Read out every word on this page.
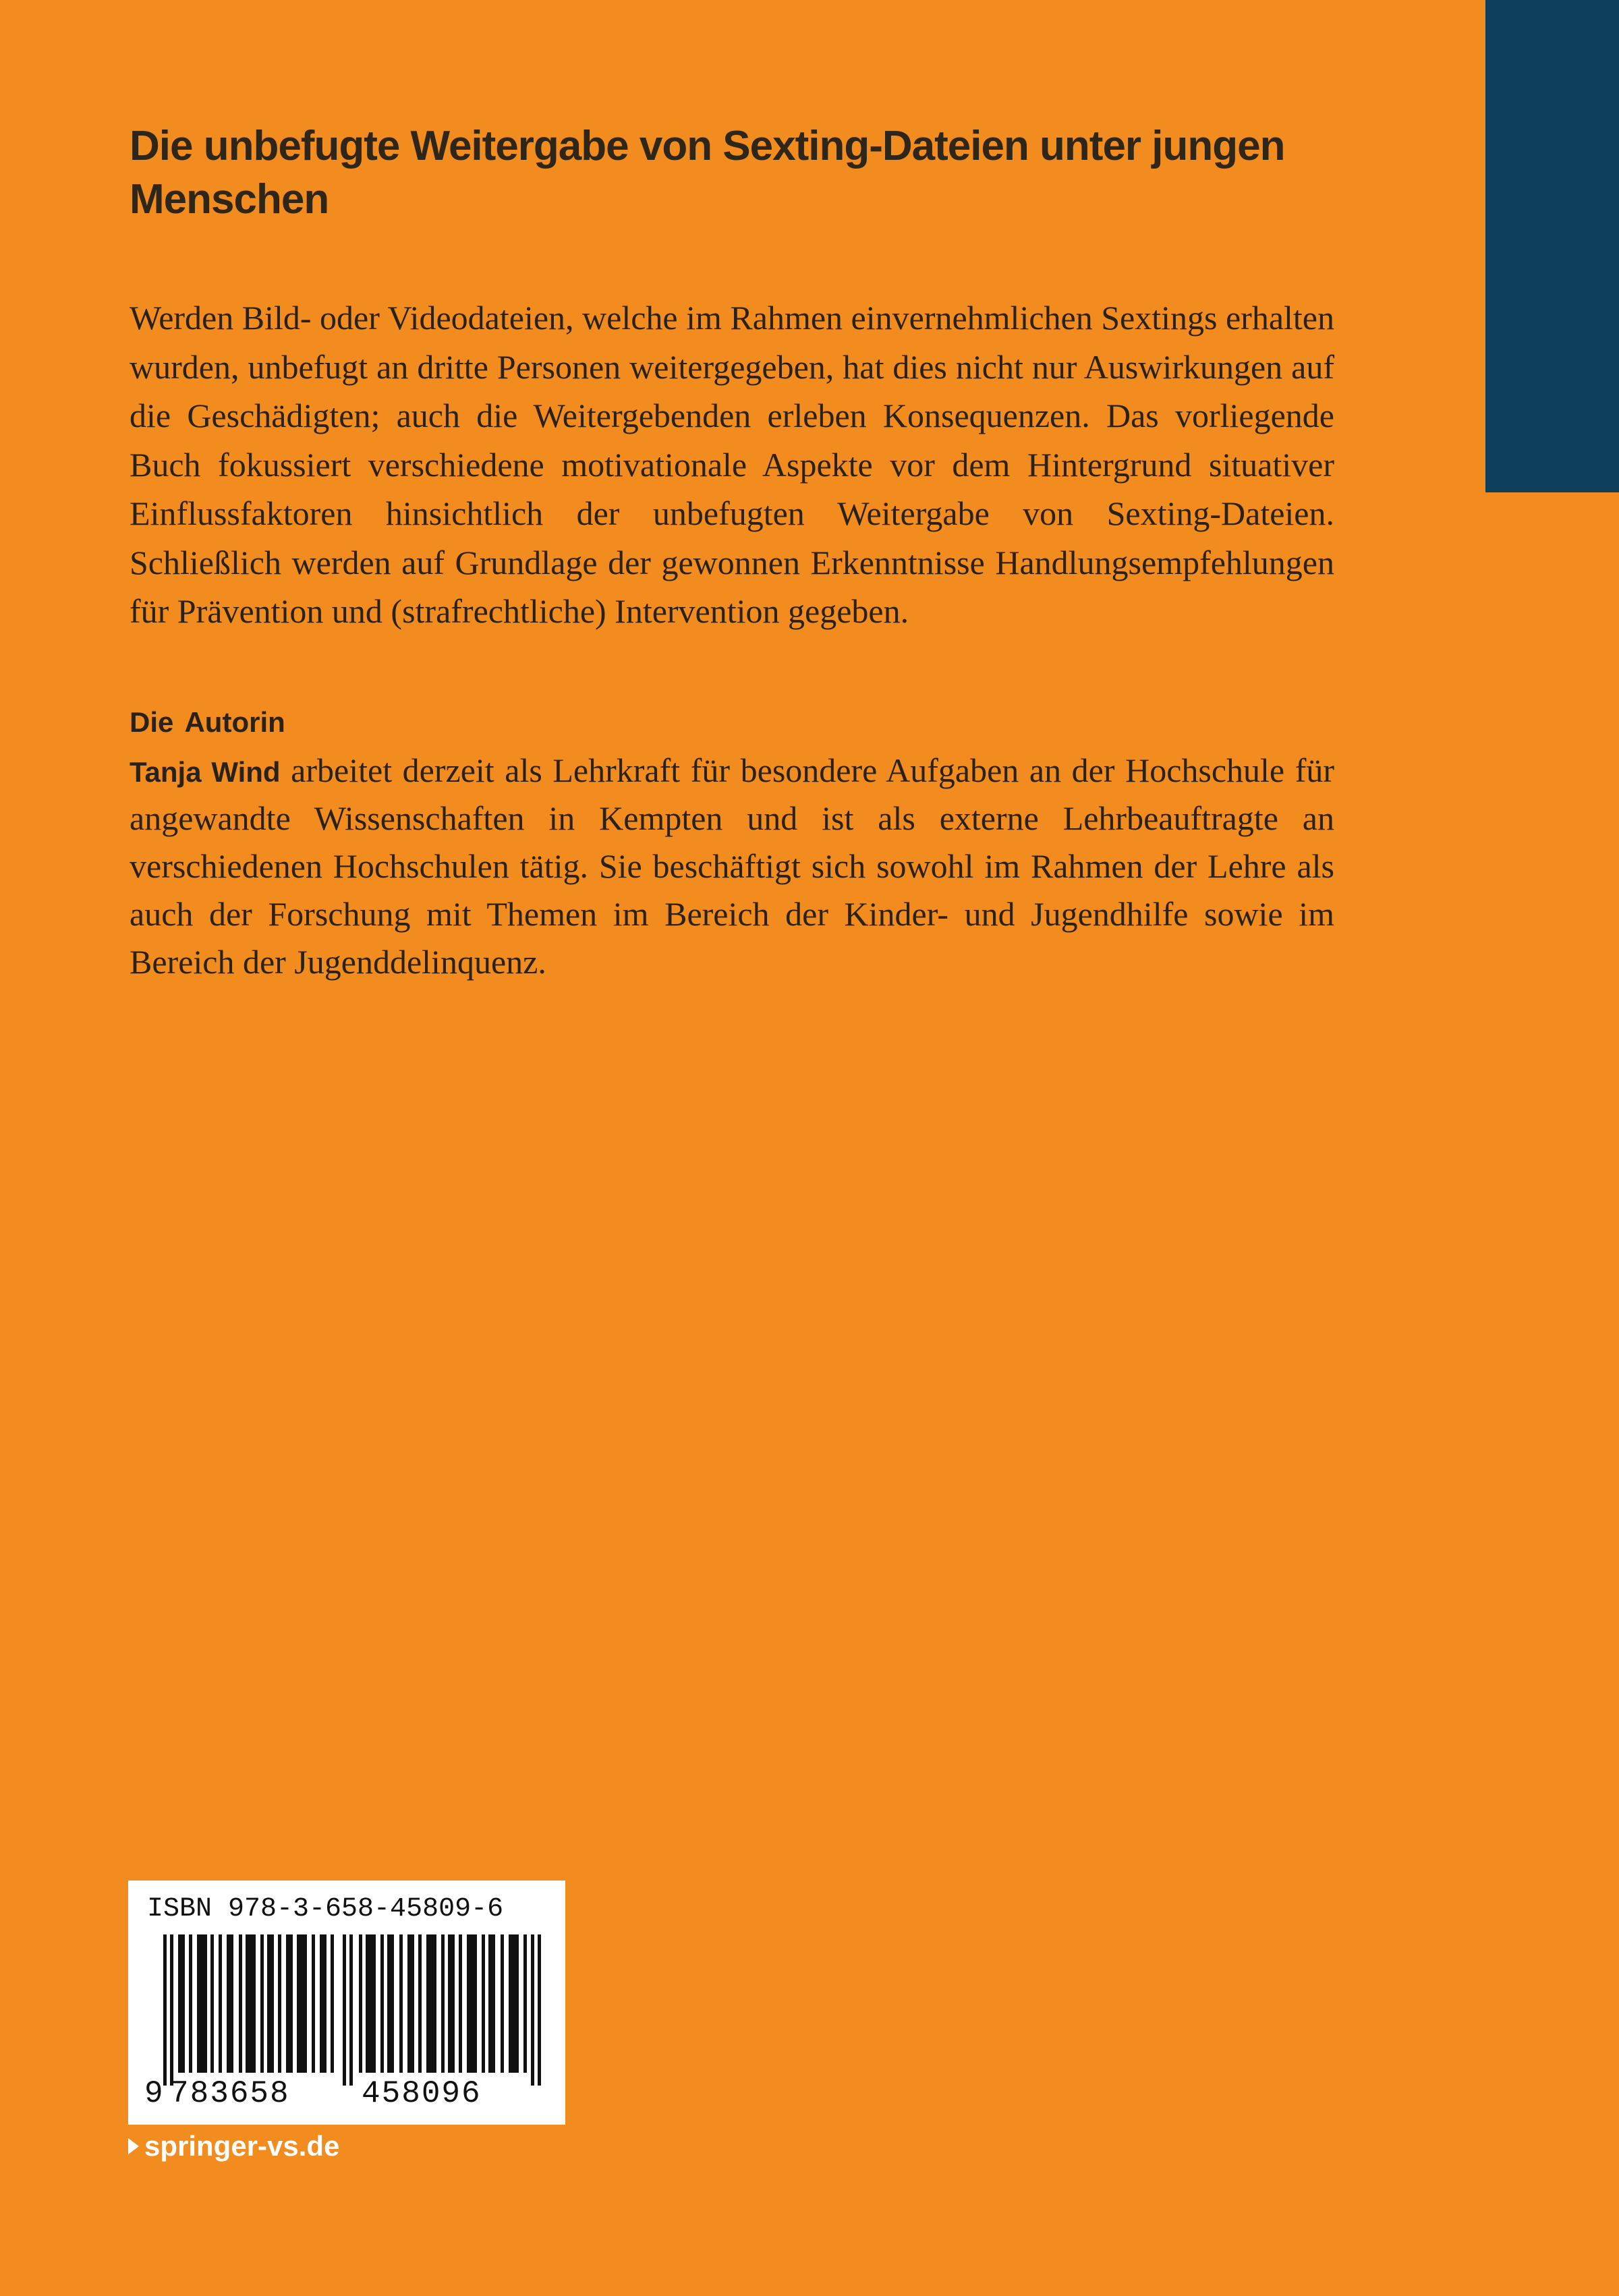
Die unbefugte Weitergabe von Sexting-Dateien unter jungen Menschen

Werden Bild- oder Videodateien, welche im Rahmen einvernehmlichen Sextings erhalten wurden, unbefugt an dritte Personen weitergegeben, hat dies nicht nur Auswirkungen auf die Geschädigten; auch die Weitergebenden erleben Konsequenzen. Das vorliegende Buch fokussiert verschiedene motivationale Aspekte vor dem Hintergrund situativer Einflussfaktoren hinsichtlich der unbefugten Weitergabe von Sexting-Dateien. Schließlich werden auf Grundlage der gewonnen Erkenntnisse Handlungsempfehlungen für Prävention und (strafrechtliche) Intervention gegeben.

Die Autorin

Tanja Wind arbeitet derzeit als Lehrkraft für besondere Aufgaben an der Hochschule für angewandte Wissenschaften in Kempten und ist als externe Lehrbeauftragte an verschiedenen Hochschulen tätig. Sie beschäftigt sich sowohl im Rahmen der Lehre als auch der Forschung mit Themen im Bereich der Kinder- und Jugendhilfe sowie im Bereich der Jugenddelinquenz.

ISBN 978-3-658-45809-6
9 783658 458096

springer-vs.de
